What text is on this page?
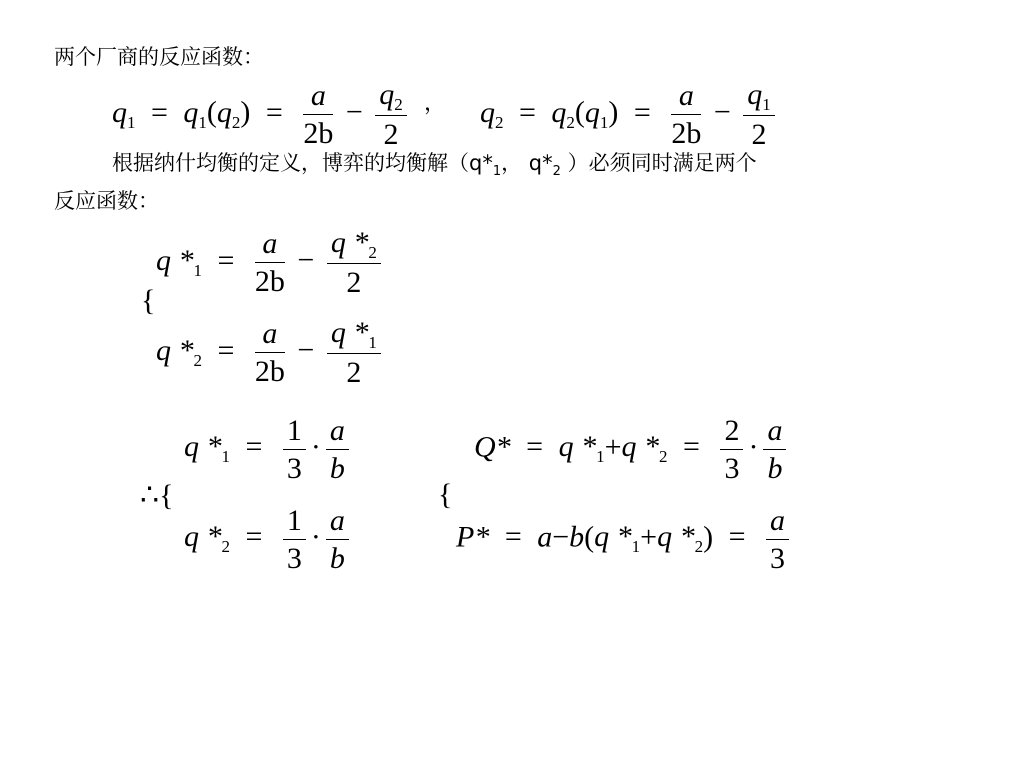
两个厂商的反应函数：
$q_1 = q_1(q_2) = \frac{a}{2b} - \frac{q_2}{2}$ ， $q_2 = q_2(q_1) = \frac{a}{2b} - \frac{q_1}{2}$
根据纳什均衡的定义，博弈的均衡解（$q*_1$， $q*_2$ ）必须同时满足两个
反应函数：
{
q $*_1 = \frac{a}{2b} - \frac{q *_2}{2}$
q $*_2 = \frac{a}{2b} - \frac{q *_1}{2}$
∴{
q $*_1 = \frac{1}{3} \cdot \frac{a}{b}$
q $*_2 = \frac{1}{3} \cdot \frac{a}{b}$
{
Q* = q $*_1+q$ $*_2 = \frac{2}{3} \cdot \frac{a}{b}$
P* = a−b(q $*_1+q$ $*_2) = \frac{a}{3}$
